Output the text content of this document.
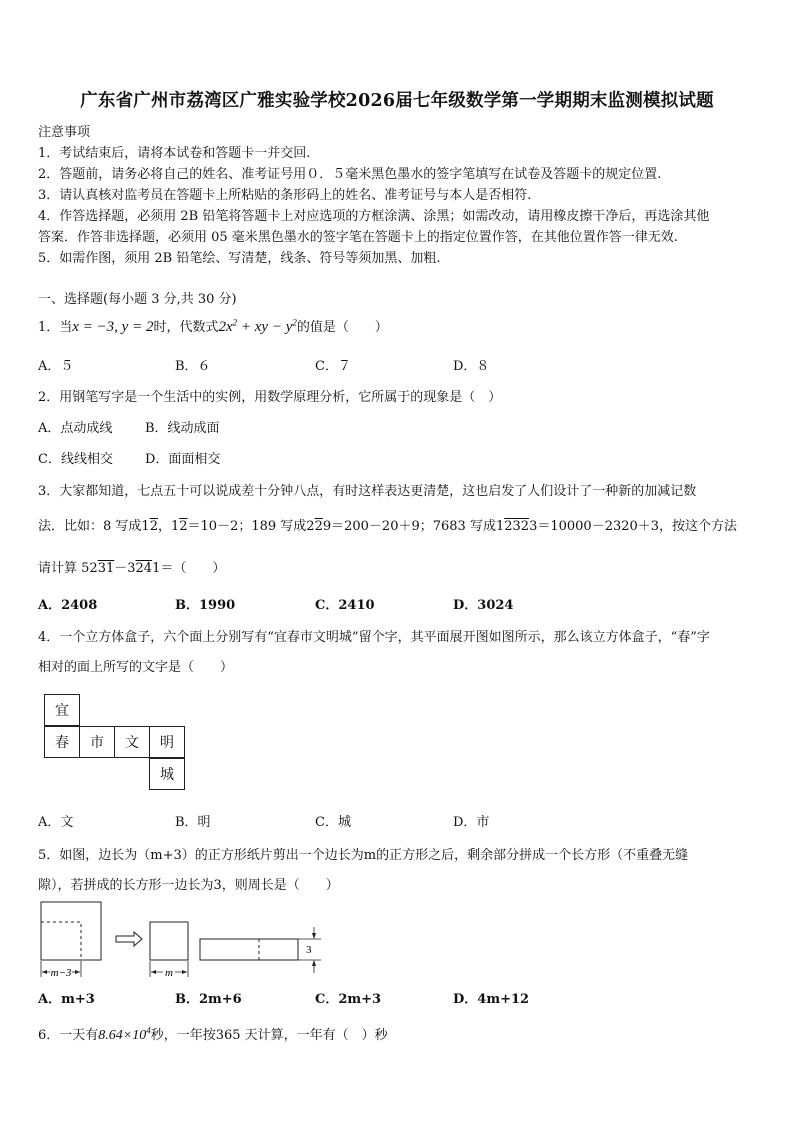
广东省广州市荔湾区广雅实验学校2026届七年级数学第一学期期末监测模拟试题
注意事项
1．考试结束后，请将本试卷和答题卡一并交回.
2．答题前，请务必将自己的姓名、准考证号用０．５毫米黑色墨水的签字笔填写在试卷及答题卡的规定位置.
3．请认真核对监考员在答题卡上所粘贴的条形码上的姓名、准考证号与本人是否相符.
4．作答选择题，必须用 2B 铅笔将答题卡上对应选项的方框涂满、涂黑；如需改动，请用橡皮擦干净后，再选涂其他
答案．作答非选择题，必须用 05 毫米黑色墨水的签字笔在答题卡上的指定位置作答，在其他位置作答一律无效.
5．如需作图，须用 2B 铅笔绘、写清楚，线条、符号等须加黑、加粗.
一、选择题(每小题 3 分,共 30 分)
1．当x = −3, y = 2时，代数式$2x^2$ + xy − $y^2$的值是（　　）
A．５	B．６	C．７	D．８
2．用钢笔写字是一个生活中的实例，用数学原理分析，它所属于的现象是（　）
A．点动成线	B．线动成面
C．线线相交 D．面面相交
3．大家都知道，七点五十可以说成差十分钟八点，有时这样表达更清楚，这也启发了人们设计了一种新的加减记数
法．比如：8 写成12，12＝10－2；189 写成229＝200－20＋9；7683 写成12323＝10000－2320＋3，按这个方法
请计算 5231－3241＝（　　）
A．2408	B．1990	C．2410	D．3024
4．一个立方体盒子，六个面上分别写有“宜春市文明城”留个字，其平面展开图如图所示，那么该立方体盒子，“春”字
相对的面上所写的文字是（　　）
宜
春	市	文	明
城
A．文	B．明	C．城	D．市
5．如图，边长为（m+3）的正方形纸片剪出一个边长为m的正方形之后，剩余部分拼成一个长方形（不重叠无缝
隙），若拼成的长方形一边长为3，则周长是（　　）
m−3	m
3
A．m+3	B．2m+6	C．2m+3	D．4m+12
6．一天有$8.64\times 10^4$秒，一年按365 天计算，一年有（　）秒
